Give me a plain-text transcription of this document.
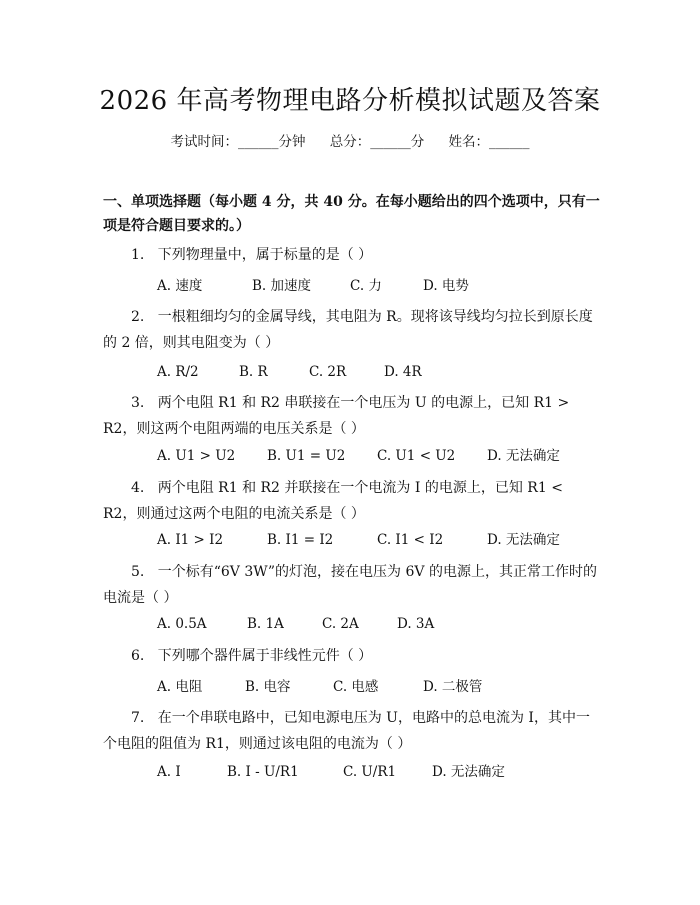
2026 年高考物理电路分析模拟试题及答案
考试时间：______分钟 总分：______分 姓名：______
一、单项选择题（每小题 4 分，共 40 分。在每小题给出的四个选项中，只有一项是符合题目要求的。）

1. 下列物理量中，属于标量的是（ ）

A. 速度	B. 加速度	C. 力	D. 电势

2. 一根粗细均匀的金属导线，其电阻为 R。现将该导线均匀拉长到原长度的 2 倍，则其电阻变为（ ）

A. R/2	B. R	C. 2R	D. 4R

3. 两个电阻 R1 和 R2 串联接在一个电压为 U 的电源上，已知 R1 > R2，则这两个电阻两端的电压关系是（ ）

A. U1 > U2 B. U1 = U2 C. U1 < U2 D. 无法确定

4. 两个电阻 R1 和 R2 并联接在一个电流为 I 的电源上，已知 R1 < R2，则通过这两个电阻的电流关系是（ ）

A. I1 > I2	B. I1 = I2	C. I1 < I2	D. 无法确定

5. 一个标有“6V 3W”的灯泡，接在电压为 6V 的电源上，其正常工作时的电流是（ ）

A. 0.5A	B. 1A	C. 2A	D. 3A

6. 下列哪个器件属于非线性元件（ ）

A. 电阻	B. 电容	C. 电感	D. 二极管

7. 在一个串联电路中，已知电源电压为 U，电路中的总电流为 I，其中一个电阻的阻值为 R1，则通过该电阻的电流为（ ）

A. I	B. I - U/R1	C. U/R1	D. 无法确定
